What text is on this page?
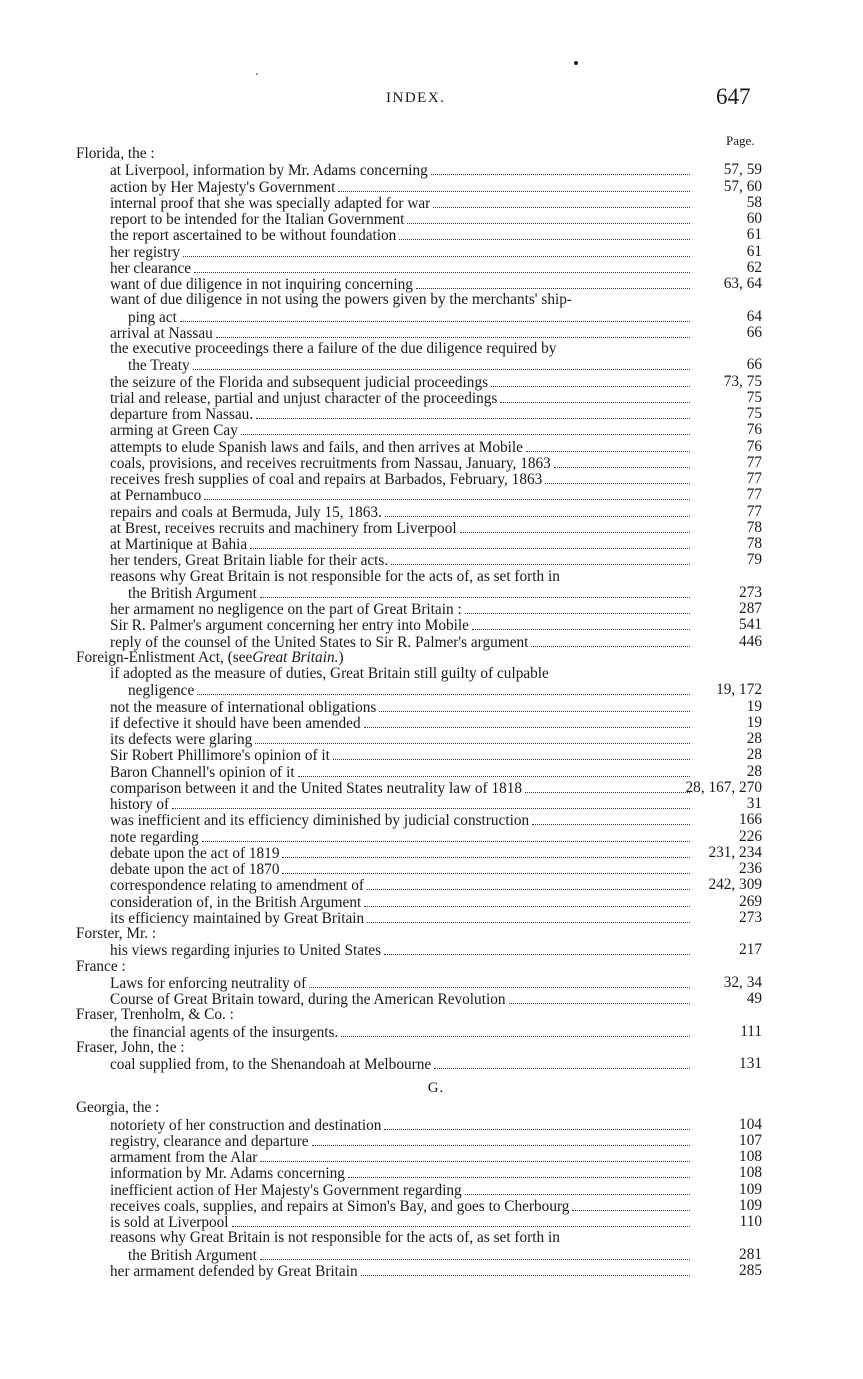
INDEX.	647
Page.
Florida, the :
at Liverpool, information by Mr. Adams concerning	57, 59
action by Her Majesty's Government	57, 60
internal proof that she was specially adapted for war	58
report to be intended for the Italian Government	60
the report ascertained to be without foundation	61
her registry	61
her clearance	62
want of due diligence in not inquiring concerning	63, 64
want of due diligence in not using the powers given by the merchants' ship-
ping act	64
arrival at Nassau	66
the executive proceedings there a failure of the due diligence required by
the Treaty	66
the seizure of the Florida and subsequent judicial proceedings	73, 75
trial and release, partial and unjust character of the proceedings	75
departure from Nassau.	75
arming at Green Cay	76
attempts to elude Spanish laws and fails, and then arrives at Mobile	76
coals, provisions, and receives recruitments from Nassau, January, 1863	77
receives fresh supplies of coal and repairs at Barbados, February, 1863	77
at Pernambuco	77
repairs and coals at Bermuda, July 15, 1863.	77
at Brest, receives recruits and machinery from Liverpool	78
at Martinique at Bahia	78
her tenders, Great Britain liable for their acts.	79
reasons why Great Britain is not responsible for the acts of, as set forth in
the British Argument	273
her armament no negligence on the part of Great Britain :	287
Sir R. Palmer's argument concerning her entry into Mobile	541
reply of the counsel of the United States to Sir R. Palmer's argument	446
Foreign-Enlistment Act, (see Great Britain. )
if adopted as the measure of duties, Great Britain still guilty of culpable
negligence	19, 172
not the measure of international obligations	19
if defective it should have been amended	19
its defects were glaring	28
Sir Robert Phillimore's opinion of it	28
Baron Channell's opinion of it	28
comparison between it and the United States neutrality law of 1818	28, 167, 270
history of	31
was inefficient and its efficiency diminished by judicial construction	166
note regarding	226
debate upon the act of 1819	231, 234
debate upon the act of 1870	236
correspondence relating to amendment of	242, 309
consideration of, in the British Argument	269
its efficiency maintained by Great Britain	273
Forster, Mr. :
his views regarding injuries to United States	217
France :
Laws for enforcing neutrality of	32, 34
Course of Great Britain toward, during the American Revolution	49
Fraser, Trenholm, & Co. :
the financial agents of the insurgents.	111
Fraser, John, the :
coal supplied from, to the Shenandoah at Melbourne	131
G.
Georgia, the :
notoriety of her construction and destination	104
registry, clearance and departure	107
armament from the Alar	108
information by Mr. Adams concerning	108
inefficient action of Her Majesty's Government regarding	109
receives coals, supplies, and repairs at Simon's Bay, and goes to Cherbourg	109
is sold at Liverpool	110
reasons why Great Britain is not responsible for the acts of, as set forth in
the British Argument	281
her armament defended by Great Britain	285
